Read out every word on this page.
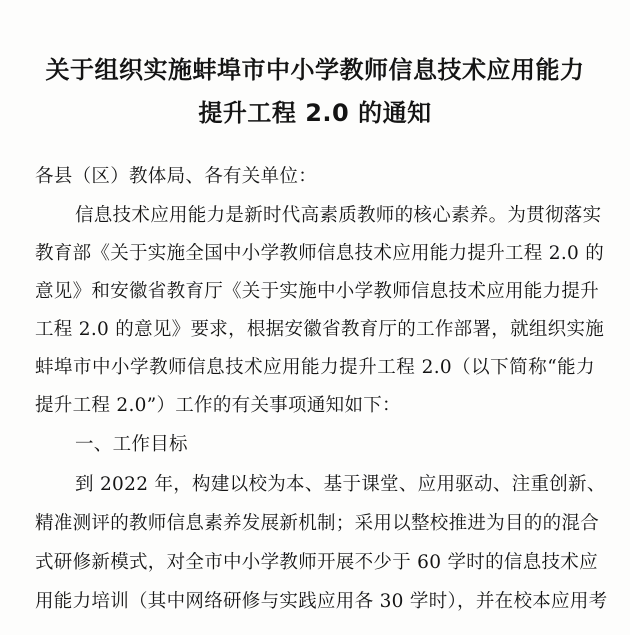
关于组织实施蚌埠市中小学教师信息技术应用能力
提升工程 2.0 的通知
各县（区）教体局、各有关单位：
信息技术应用能力是新时代高素质教师的核心素养。为贯彻落实
教育部《关于实施全国中小学教师信息技术应用能力提升工程 2.0 的
意见》和安徽省教育厅《关于实施中小学教师信息技术应用能力提升
工程 2.0 的意见》要求，根据安徽省教育厅的工作部署，就组织实施
蚌埠市中小学教师信息技术应用能力提升工程 2.0（以下简称“能力
提升工程 2.0”）工作的有关事项通知如下：
一、工作目标
到 2022 年，构建以校为本、基于课堂、应用驱动、注重创新、
精准测评的教师信息素养发展新机制；采用以整校推进为目的的混合
式研修新模式，对全市中小学教师开展不少于 60 学时的信息技术应
用能力培训（其中网络研修与实践应用各 30 学时），并在校本应用考
